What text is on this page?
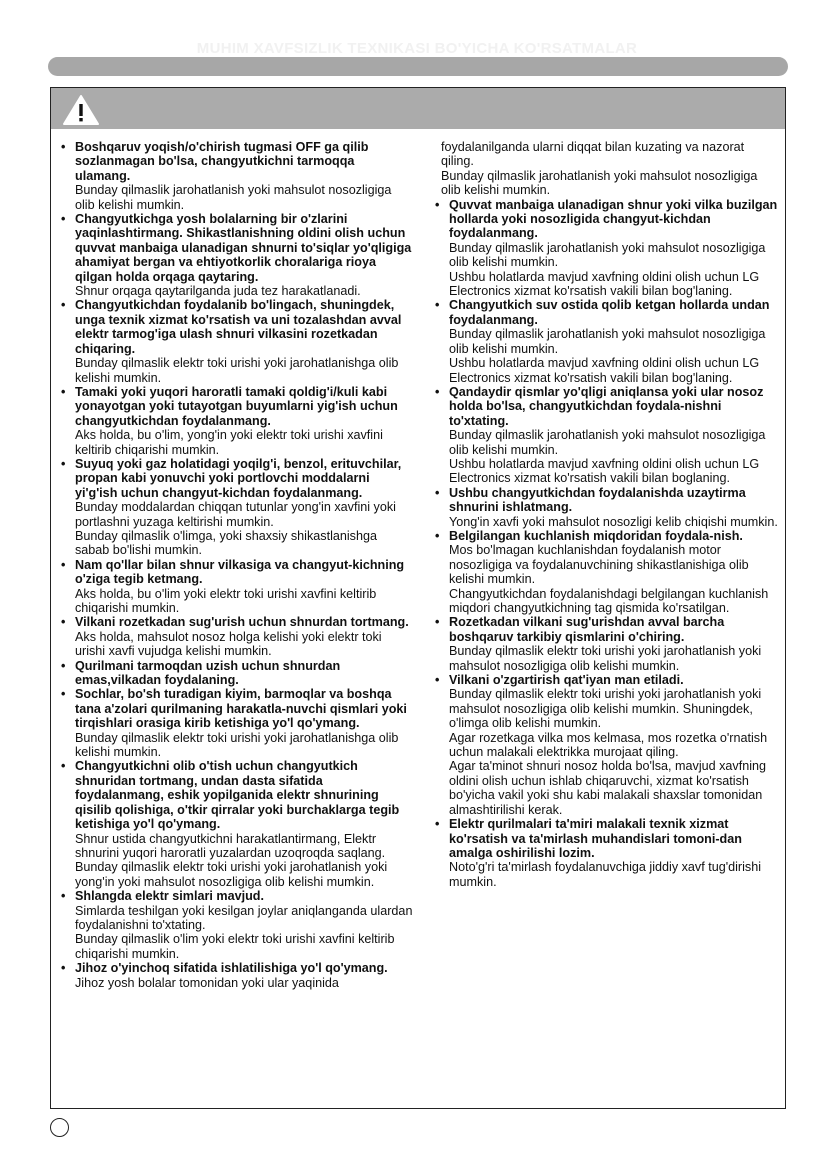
MUHIM XAVFSIZLIK TEXNIKASI BO'YICHA KO'RSATMALAR
• Boshqaruv yoqish/o'chirish tugmasi OFF ga qilib sozlanmagan bo'lsa, changyutkichni tarmoqqa ulamang.
Bunday qilmaslik jarohatlanish yoki mahsulot nosozligiga olib kelishi mumkin.
• Changyutkichga yosh bolalarning bir o'zlarini yaqinlashtirmang. Shikastlanishning oldini olish uchun quvvat manbaiga ulanadigan shnurni to'siqlar yo'qligiga ahamiyat bergan va ehtiyotkorlik choralariga rioya qilgan holda orqaga qaytaring.
Shnur orqaga qaytarilganda juda tez harakatlanadi.
• Changyutkichdan foydalanib bo'lingach, shuningdek, unga texnik xizmat ko'rsatish va uni tozalashdan avval elektr tarmog'iga ulash shnuri vilkasini rozetkadan chiqaring.
Bunday qilmaslik elektr toki urishi yoki jarohatlanishga olib kelishi mumkin.
• Tamaki yoki yuqori haroratli tamaki qoldig'i/kuli kabi yonayotgan yoki tutayotgan buyumlarni yig'ish uchun changyutkichdan foydalanmang.
Aks holda, bu o'lim, yong'in yoki elektr toki urishi xavfini keltirib chiqarishi mumkin.
• Suyuq yoki gaz holatidagi yoqilg'i, benzol, erituvchilar, propan kabi yonuvchi yoki portlovchi moddalarni yi'g'ish uchun changyut-kichdan foydalanmang.
Bunday moddalardan chiqqan tutunlar yong'in xavfini yoki portlashni yuzaga keltirishi mumkin.
Bunday qilmaslik o'limga, yoki shaxsiy shikastlanishga sabab bo'lishi mumkin.
• Nam qo'llar bilan shnur vilkasiga va changyut-kichning o'ziga tegib ketmang.
Aks holda, bu o'lim yoki elektr toki urishi xavfini keltirib chiqarishi mumkin.
• Vilkani rozetkadan sug'urish uchun shnurdan tortmang.
Aks holda, mahsulot nosoz holga kelishi yoki elektr toki urishi xavfi vujudga kelishi mumkin.
• Qurilmani tarmoqdan uzish uchun shnurdan emas,vilkadan foydalaning.
• Sochlar, bo'sh turadigan kiyim, barmoqlar va boshqa tana a'zolari qurilmaning harakatla-nuvchi qismlari yoki tirqishlari orasiga kirib ketishiga yo'l qo'ymang.
Bunday qilmaslik elektr toki urishi yoki jarohatlanishga olib kelishi mumkin.
• Changyutkichni olib o'tish uchun changyutkich shnuridan tortmang, undan dasta sifatida foydalanmang, eshik yopilganida elektr shnurining qisilib qolishiga, o'tkir qirralar yoki burchaklarga tegib ketishiga yo'l qo'ymang.
Shnur ustida changyutkichni harakatlantirmang, Elektr shnurini yuqori haroratli yuzalardan uzoqroqda saqlang.
Bunday qilmaslik elektr toki urishi yoki jarohatlanish yoki yong'in yoki mahsulot nosozligiga olib kelishi mumkin.
• Shlangda elektr simlari mavjud.
Simlarda teshilgan yoki kesilgan joylar aniqlanganda ulardan foydalanishni to'xtating.
Bunday qilmaslik o'lim yoki elektr toki urishi xavfini keltirib chiqarishi mumkin.
• Jihoz o'yinchoq sifatida ishlatilishiga yo'l qo'ymang.
Jihoz yosh bolalar tomonidan yoki ular yaqinida
foydalanilganda ularni diqqat bilan kuzating va nazorat qiling.
Bunday qilmaslik jarohatlanish yoki mahsulot nosozligiga olib kelishi mumkin.
• Quvvat manbaiga ulanadigan shnur yoki vilka buzilgan hollarda yoki nosozligida changyut-kichdan foydalanmang.
Bunday qilmaslik jarohatlanish yoki mahsulot nosozligiga olib kelishi mumkin.
Ushbu holatlarda mavjud xavfning oldini olish uchun LG Electronics xizmat ko'rsatish vakili bilan bog'laning.
• Changyutkich suv ostida qolib ketgan hollarda undan foydalanmang.
Bunday qilmaslik jarohatlanish yoki mahsulot nosozligiga olib kelishi mumkin.
Ushbu holatlarda mavjud xavfning oldini olish uchun LG Electronics xizmat ko'rsatish vakili bilan bog'laning.
• Qandaydir qismlar yo'qligi aniqlansa yoki ular nosoz holda bo'lsa, changyutkichdan foydala-nishni to'xtating.
Bunday qilmaslik jarohatlanish yoki mahsulot nosozligiga olib kelishi mumkin.
Ushbu holatlarda mavjud xavfning oldini olish uchun LG Electronics xizmat ko'rsatish vakili bilan boglaning.
• Ushbu changyutkichdan foydalanishda uzaytirma shnurini ishlatmang.
Yong'in xavfi yoki mahsulot nosozligi kelib chiqishi mumkin.
• Belgilangan kuchlanish miqdoridan foydala-nish.
Mos bo'lmagan kuchlanishdan foydalanish motor nosozligiga va foydalanuvchining shikastlanishiga olib kelishi mumkin.
Changyutkichdan foydalanishdagi belgilangan kuchlanish miqdori changyutkichning tag qismida ko'rsatilgan.
• Rozetkadan vilkani sug'urishdan avval barcha boshqaruv tarkibiy qismlarini o'chiring.
Bunday qilmaslik elektr toki urishi yoki jarohatlanish yoki mahsulot nosozligiga olib kelishi mumkin.
• Vilkani o'zgartirish qat'iyan man etiladi.
Bunday qilmaslik elektr toki urishi yoki jarohatlanish yoki mahsulot nosozligiga olib kelishi mumkin. Shuningdek, o'limga olib kelishi mumkin.
Agar rozetkaga vilka mos kelmasa, mos rozetka o'rnatish uchun malakali elektrikka murojaat qiling.
Agar ta'minot shnuri nosoz holda bo'lsa, mavjud xavfning oldini olish uchun ishlab chiqaruvchi, xizmat ko'rsatish bo'yicha vakil yoki shu kabi malakali shaxslar tomonidan almashtirilishi kerak.
• Elektr qurilmalari ta'miri malakali texnik xizmat ko'rsatish va ta'mirlash muhandislari tomoni-dan amalga oshirilishi lozim.
Noto'g'ri ta'mirlash foydalanuvchiga jiddiy xavf tug'dirishi mumkin.
